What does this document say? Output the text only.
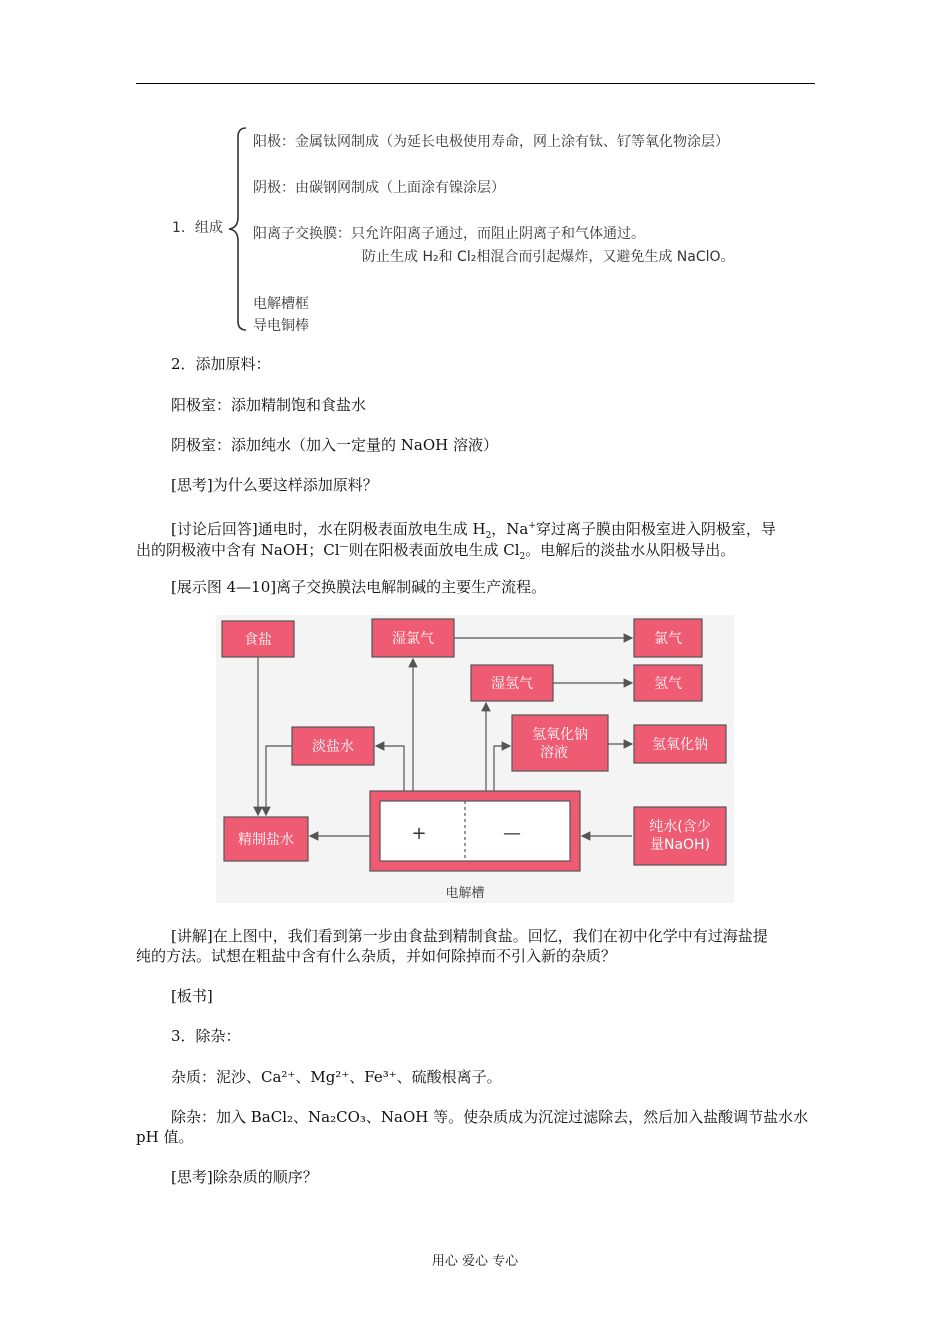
1．组成
阳极：金属钛网制成（为延长电极使用寿命，网上涂有钛、钌等氧化物涂层）
阴极：由碳钢网制成（上面涂有镍涂层）
阳离子交换膜：只允许阳离子通过，而阻止阴离子和气体通过。
防止生成 H₂和 Cl₂相混合而引起爆炸，又避免生成 NaClO。
电解槽框
导电铜棒
2．添加原料：
阳极室：添加精制饱和食盐水
阴极室：添加纯水（加入一定量的 NaOH 溶液）
[思考]为什么要这样添加原料？
[讨论后回答]通电时，水在阴极表面放电生成 $H_2$，Na+穿过离子膜由阳极室进入阴极室，导
出的阴极液中含有 NaOH；Cl—则在阳极表面放电生成 $Cl_2$。电解后的淡盐水从阳极导出。
[展示图 4—10]离子交换膜法电解制碱的主要生产流程。
食盐	湿氯气	氯气
湿氢气	氢气
淡盐水
氢氧化钠
溶液	氢氧化钠
精制盐水
纯水(含少
量NaOH)
+	—
电解槽
[讲解]在上图中，我们看到第一步由食盐到精制食盐。回忆，我们在初中化学中有过海盐提
纯的方法。试想在粗盐中含有什么杂质，并如何除掉而不引入新的杂质？
[板书]
3．除杂：
杂质：泥沙、Ca²⁺、Mg²⁺、Fe³⁺、硫酸根离子。
除杂：加入 BaCl₂、Na₂CO₃、NaOH 等。使杂质成为沉淀过滤除去，然后加入盐酸调节盐水水
pH 值。
[思考]除杂质的顺序？
用心 爱心 专心
